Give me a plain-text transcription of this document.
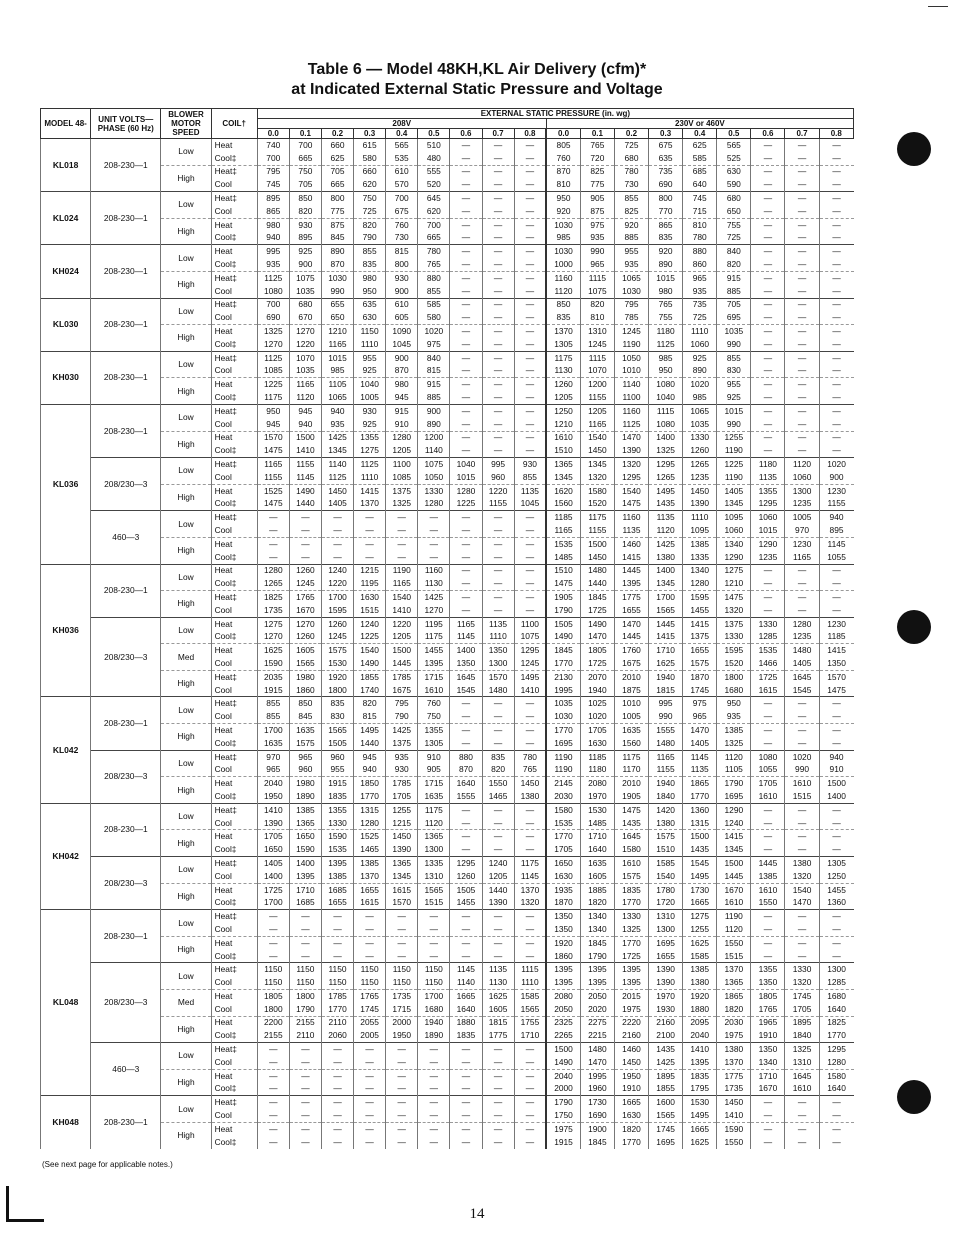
Table 6 — Model 48KH,KL Air Delivery (cfm)*
at Indicated External Static Pressure and Voltage
MODEL 48-	UNIT VOLTS— PHASE (60 Hz)	BLOWER MOTOR SPEED	COIL†	EXTERNAL STATIC PRESSURE (in. wg)																	
				208V									230V or 460V								
				0.0	0.1	0.2	0.3	0.4	0.5	0.6	0.7	0.8	0.0	0.1	0.2	0.3	0.4	0.5	0.6	0.7	0.8
KL018	208-230—1	Low	Heat	740	700	660	615	565	510	—	—	—	805	765	725	675	625	565	—	—	—
			Cool‡	700	665	625	580	535	480	—	—	—	760	720	680	635	585	525	—	—	—
		High	Heat‡	795	750	705	660	610	555	—	—	—	870	825	780	735	685	630	—	—	—
			Cool	745	705	665	620	570	520	—	—	—	810	775	730	690	640	590	—	—	—
KL024	208-230—1	Low	Heat‡	895	850	800	750	700	645	—	—	—	950	905	855	800	745	680	—	—	—
			Cool	865	820	775	725	675	620	—	—	—	920	875	825	770	715	650	—	—	—
		High	Heat	980	930	875	820	760	700	—	—	—	1030	975	920	865	810	755	—	—	—
			Cool‡	940	895	845	790	730	665	—	—	—	985	935	885	835	780	725	—	—	—
KH024	208-230—1	Low	Heat	995	925	890	855	815	780	—	—	—	1030	990	955	920	880	840	—	—	—
			Cool‡	935	900	870	835	800	765	—	—	—	1000	965	935	890	860	820	—	—	—
		High	Heat‡	1125	1075	1030	980	930	880	—	—	—	1160	1115	1065	1015	965	915	—	—	—
			Cool	1080	1035	990	950	900	855	—	—	—	1120	1075	1030	980	935	885	—	—	—
KL030	208-230—1	Low	Heat‡	700	680	655	635	610	585	—	—	—	850	820	795	765	735	705	—	—	—
			Cool	690	670	650	630	605	580	—	—	—	835	810	785	755	725	695	—	—	—
		High	Heat	1325	1270	1210	1150	1090	1020	—	—	—	1370	1310	1245	1180	1110	1035	—	—	—
			Cool‡	1270	1220	1165	1110	1045	975	—	—	—	1305	1245	1190	1125	1060	990	—	—	—
KH030	208-230—1	Low	Heat‡	1125	1070	1015	955	900	840	—	—	—	1175	1115	1050	985	925	855	—	—	—
			Cool	1085	1035	985	925	870	815	—	—	—	1130	1070	1010	950	890	830	—	—	—
		High	Heat	1225	1165	1105	1040	980	915	—	—	—	1260	1200	1140	1080	1020	955	—	—	—
			Cool‡	1175	1120	1065	1005	945	885	—	—	—	1205	1155	1100	1040	985	925	—	—	—
KL036	208-230—1	Low	Heat‡	950	945	940	930	915	900	—	—	—	1250	1205	1160	1115	1065	1015	—	—	—
			Cool	945	940	935	925	910	890	—	—	—	1210	1165	1125	1080	1035	990	—	—	—
		High	Heat	1570	1500	1425	1355	1280	1200	—	—	—	1610	1540	1470	1400	1330	1255	—	—	—
			Cool‡	1475	1410	1345	1275	1205	1140	—	—	—	1510	1450	1390	1325	1260	1190	—	—	—
	208/230—3	Low	Heat‡	1165	1155	1140	1125	1100	1075	1040	995	930	1365	1345	1320	1295	1265	1225	1180	1120	1020
			Cool	1155	1145	1125	1110	1085	1050	1015	960	855	1345	1320	1295	1265	1235	1190	1135	1060	900
		High	Heat	1525	1490	1450	1415	1375	1330	1280	1220	1135	1620	1580	1540	1495	1450	1405	1355	1300	1230
			Cool‡	1475	1440	1405	1370	1325	1280	1225	1155	1045	1560	1520	1475	1435	1390	1345	1295	1235	1155
	460—3	Low	Heat‡	—	—	—	—	—	—	—	—	—	1185	1175	1160	1135	1110	1095	1060	1005	940
			Cool	—	—	—	—	—	—	—	—	—	1165	1155	1135	1120	1095	1060	1015	970	895
		High	Heat	—	—	—	—	—	—	—	—	—	1535	1500	1460	1425	1385	1340	1290	1230	1145
			Cool‡	—	—	—	—	—	—	—	—	—	1485	1450	1415	1380	1335	1290	1235	1165	1055
KH036	208-230—1	Low	Heat	1280	1260	1240	1215	1190	1160	—	—	—	1510	1480	1445	1400	1340	1275	—	—	—
			Cool‡	1265	1245	1220	1195	1165	1130	—	—	—	1475	1440	1395	1345	1280	1210	—	—	—
		High	Heat‡	1825	1765	1700	1630	1540	1425	—	—	—	1905	1845	1775	1700	1595	1475	—	—	—
			Cool	1735	1670	1595	1515	1410	1270	—	—	—	1790	1725	1655	1565	1455	1320	—	—	—
	208/230—3	Low	Heat	1275	1270	1260	1240	1220	1195	1165	1135	1100	1505	1490	1470	1445	1415	1375	1330	1280	1230
			Cool‡	1270	1260	1245	1225	1205	1175	1145	1110	1075	1490	1470	1445	1415	1375	1330	1285	1235	1185
		Med	Heat	1625	1605	1575	1540	1500	1455	1400	1350	1295	1845	1805	1760	1710	1655	1595	1535	1480	1415
			Cool	1590	1565	1530	1490	1445	1395	1350	1300	1245	1770	1725	1675	1625	1575	1520	1466	1405	1350
		High	Heat‡	2035	1980	1920	1855	1785	1715	1645	1570	1495	2130	2070	2010	1940	1870	1800	1725	1645	1570
			Cool	1915	1860	1800	1740	1675	1610	1545	1480	1410	1995	1940	1875	1815	1745	1680	1615	1545	1475
KL042	208-230—1	Low	Heat‡	855	850	835	820	795	760	—	—	—	1035	1025	1010	995	975	950	—	—	—
			Cool	855	845	830	815	790	750	—	—	—	1030	1020	1005	990	965	935	—	—	—
		High	Heat	1700	1635	1565	1495	1425	1355	—	—	—	1770	1705	1635	1555	1470	1385	—	—	—
			Cool‡	1635	1575	1505	1440	1375	1305	—	—	—	1695	1630	1560	1480	1405	1325	—	—	—
	208/230—3	Low	Heat‡	970	965	960	945	935	910	880	835	780	1190	1185	1175	1165	1145	1120	1080	1020	940
			Cool	965	960	955	940	930	905	870	820	765	1190	1180	1170	1155	1135	1105	1055	990	910
		High	Heat	2040	1980	1915	1850	1785	1715	1640	1550	1450	2145	2080	2010	1940	1865	1790	1705	1610	1500
			Cool‡	1950	1890	1835	1770	1705	1635	1555	1465	1380	2030	1970	1905	1840	1770	1695	1610	1515	1400
KH042	208-230—1	Low	Heat‡	1410	1385	1355	1315	1255	1175	—	—	—	1580	1530	1475	1420	1360	1290	—	—	—
			Cool	1390	1365	1330	1280	1215	1120	—	—	—	1535	1485	1435	1380	1315	1240	—	—	—
		High	Heat	1705	1650	1590	1525	1450	1365	—	—	—	1770	1710	1645	1575	1500	1415	—	—	—
			Cool‡	1650	1590	1535	1465	1390	1300	—	—	—	1705	1640	1580	1510	1435	1345	—	—	—
	208/230—3	Low	Heat‡	1405	1400	1395	1385	1365	1335	1295	1240	1175	1650	1635	1610	1585	1545	1500	1445	1380	1305
			Cool	1400	1395	1385	1370	1345	1310	1260	1205	1145	1630	1605	1575	1540	1495	1445	1385	1320	1250
		High	Heat	1725	1710	1685	1655	1615	1565	1505	1440	1370	1935	1885	1835	1780	1730	1670	1610	1540	1455
			Cool‡	1700	1685	1655	1615	1570	1515	1455	1390	1320	1870	1820	1770	1720	1665	1610	1550	1470	1360
KL048	208-230—1	Low	Heat‡	—	—	—	—	—	—	—	—	—	1350	1340	1330	1310	1275	1190	—	—	—
			Cool	—	—	—	—	—	—	—	—	—	1350	1340	1325	1300	1255	1120	—	—	—
		High	Heat	—	—	—	—	—	—	—	—	—	1920	1845	1770	1695	1625	1550	—	—	—
			Cool‡	—	—	—	—	—	—	—	—	—	1860	1790	1725	1655	1585	1515	—	—	—
	208/230—3	Low	Heat‡	1150	1150	1150	1150	1150	1150	1145	1135	1115	1395	1395	1395	1390	1385	1370	1355	1330	1300
			Cool	1150	1150	1150	1150	1150	1150	1140	1130	1110	1395	1395	1395	1390	1380	1365	1350	1320	1285
		Med	Heat	1805	1800	1785	1765	1735	1700	1665	1625	1585	2080	2050	2015	1970	1920	1865	1805	1745	1680
			Cool	1800	1790	1770	1745	1715	1680	1640	1605	1565	2050	2020	1975	1930	1880	1820	1765	1705	1640
		High	Heat	2200	2155	2110	2055	2000	1940	1880	1815	1755	2325	2275	2220	2160	2095	2030	1965	1895	1825
			Cool‡	2155	2110	2060	2005	1950	1890	1835	1775	1710	2265	2215	2160	2100	2040	1975	1910	1840	1770
	460—3	Low	Heat‡	—	—	—	—	—	—	—	—	—	1500	1480	1460	1435	1410	1380	1350	1325	1295
			Cool	—	—	—	—	—	—	—	—	—	1490	1470	1450	1425	1395	1370	1340	1310	1280
		High	Heat	—	—	—	—	—	—	—	—	—	2040	1995	1950	1895	1835	1775	1710	1645	1580
			Cool‡	—	—	—	—	—	—	—	—	—	2000	1960	1910	1855	1795	1735	1670	1610	1640
KH048	208-230—1	Low	Heat‡	—	—	—	—	—	—	—	—	—	1790	1730	1665	1600	1530	1450	—	—	—
			Cool	—	—	—	—	—	—	—	—	—	1750	1690	1630	1565	1495	1410	—	—	—
		High	Heat	—	—	—	—	—	—	—	—	—	1975	1900	1820	1745	1665	1590	—	—	—
			Cool‡	—	—	—	—	—	—	—	—	—	1915	1845	1770	1695	1625	1550	—	—	—
(See next page for applicable notes.)
14
